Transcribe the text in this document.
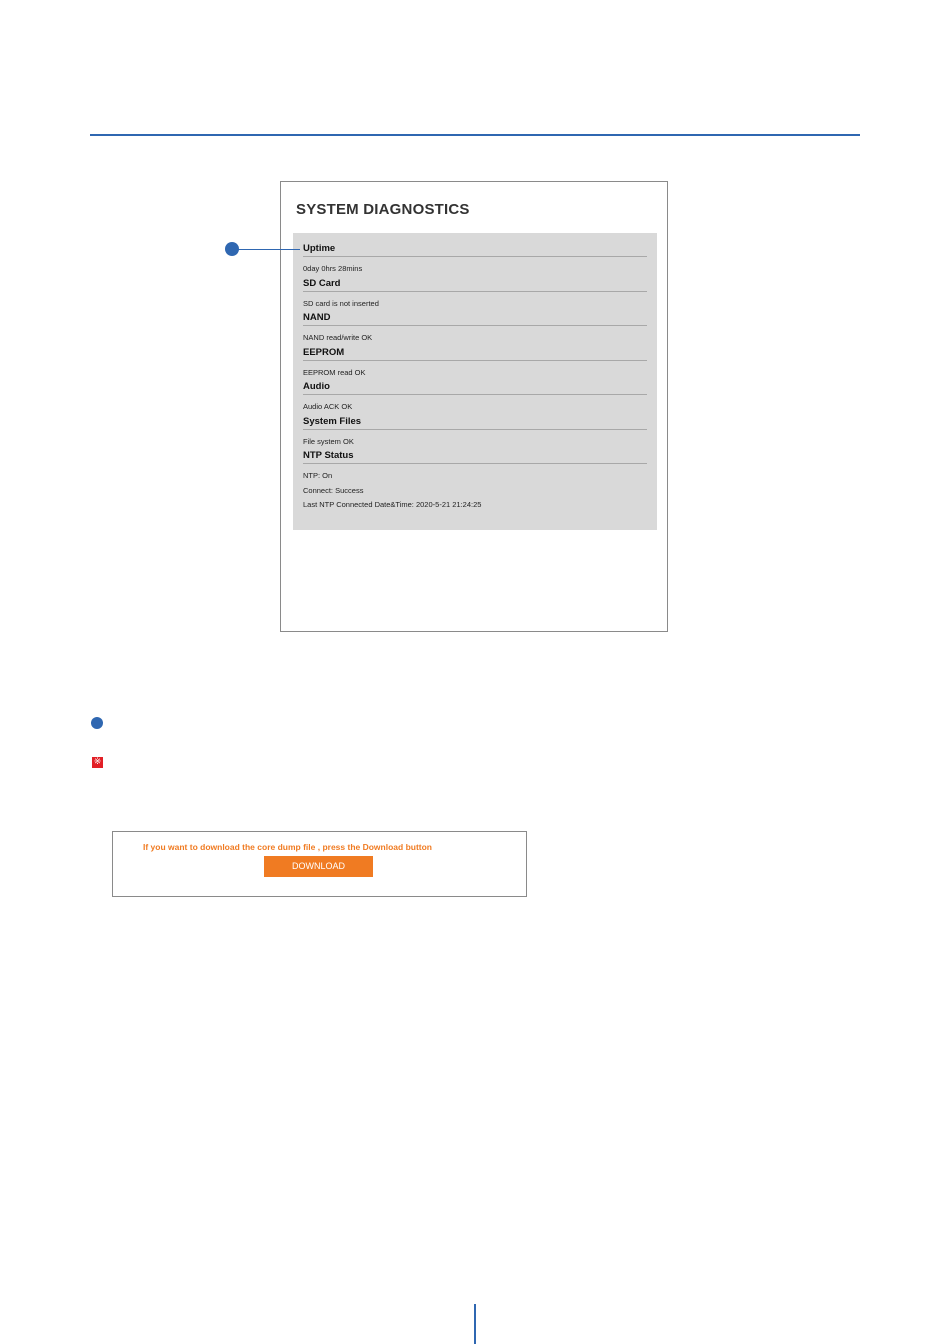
SYSTEM DIAGNOSTICS
Uptime
0day 0hrs 28mins
SD Card
SD card is not inserted
NAND
NAND read/write OK
EEPROM
EEPROM read OK
Audio
Audio ACK OK
System Files
File system OK
NTP Status
NTP: On
Connect: Success
Last NTP Connected Date&Time: 2020-5-21 21:24:25
※
If you want to download the core dump file , press the Download button
DOWNLOAD
